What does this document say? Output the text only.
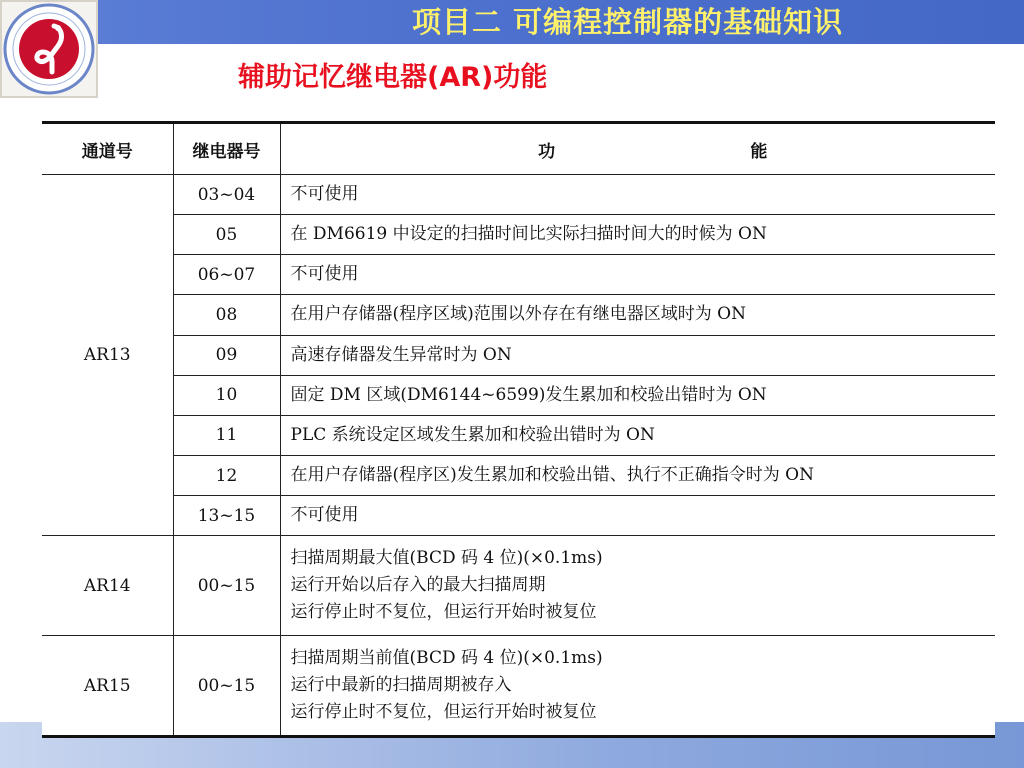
项目二 可编程控制器的基础知识
辅助记忆继电器(AR)功能
通道号	继电器号	功 能

AR13	03~04	不可使用

	05	在 DM6619 中设定的扫描时间比实际扫描时间大的时候为 ON

	06~07	不可使用

	08	在用户存储器(程序区域)范围以外存在有继电器区域时为 ON

	09	高速存储器发生异常时为 ON

	10	固定 DM 区域(DM6144~6599)发生累加和校验出错时为 ON

	11	PLC 系统设定区域发生累加和校验出错时为 ON

	12	在用户存储器(程序区)发生累加和校验出错、执行不正确指令时为 ON

	13~15	不可使用

AR14	00~15	扫描周期最大值(BCD 码 4 位)(×0.1ms)
运行开始以后存入的最大扫描周期
运行停止时不复位，但运行开始时被复位

AR15	00~15	扫描周期当前值(BCD 码 4 位)(×0.1ms)
运行中最新的扫描周期被存入
运行停止时不复位，但运行开始时被复位
